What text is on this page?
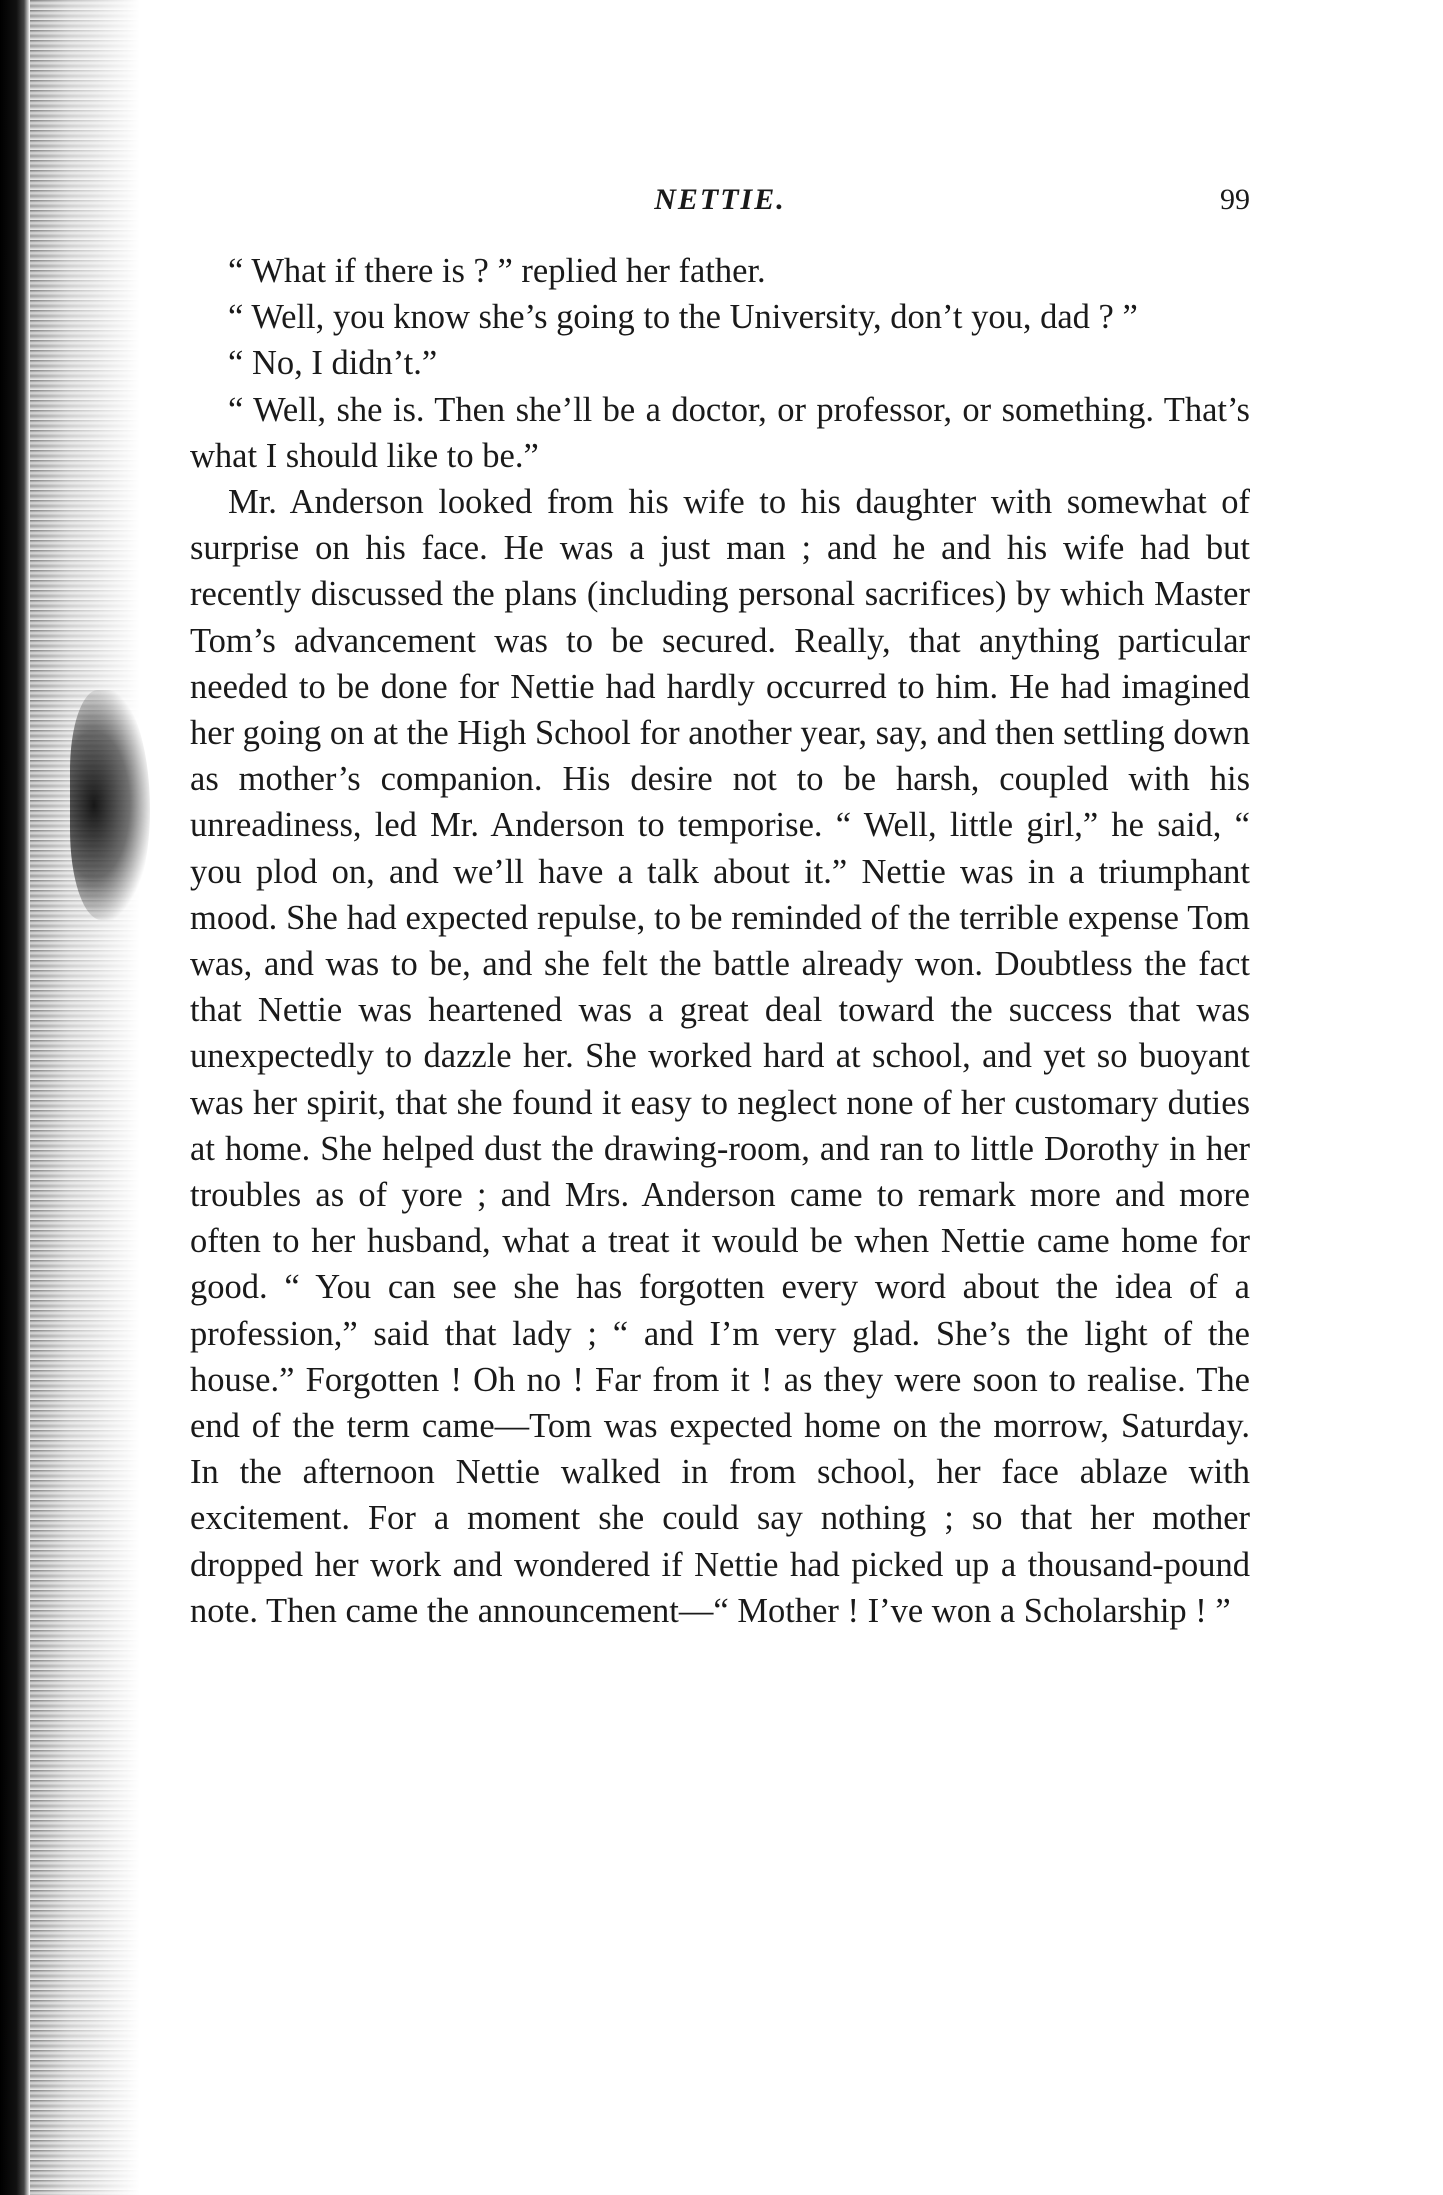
NETTIE.	99

“ What if there is ? ” replied her father.

“ Well, you know she’s going to the University, don’t you, dad ? ”

“ No, I didn’t.”

“ Well, she is. Then she’ll be a doctor, or professor, or something. That’s what I should like to be.”

Mr. Anderson looked from his wife to his daughter with somewhat of surprise on his face. He was a just man ; and he and his wife had but recently discussed the plans (including personal sacrifices) by which Master Tom’s advancement was to be secured. Really, that anything particular needed to be done for Nettie had hardly occurred to him. He had imagined her going on at the High School for another year, say, and then settling down as mother’s companion. His desire not to be harsh, coupled with his unreadiness, led Mr. Anderson to temporise. “ Well, little girl,” he said, “ you plod on, and we’ll have a talk about it.” Nettie was in a triumphant mood. She had expected repulse, to be reminded of the terrible expense Tom was, and was to be, and she felt the battle already won. Doubtless the fact that Nettie was heartened was a great deal toward the success that was unexpectedly to dazzle her. She worked hard at school, and yet so buoyant was her spirit, that she found it easy to neglect none of her customary duties at home. She helped dust the drawing-room, and ran to little Dorothy in her troubles as of yore ; and Mrs. Anderson came to remark more and more often to her husband, what a treat it would be when Nettie came home for good. “ You can see she has forgotten every word about the idea of a profession,” said that lady ; “ and I’m very glad. She’s the light of the house.” Forgotten ! Oh no ! Far from it ! as they were soon to realise. The end of the term came—Tom was expected home on the morrow, Saturday. In the afternoon Nettie walked in from school, her face ablaze with excitement. For a moment she could say nothing ; so that her mother dropped her work and wondered if Nettie had picked up a thousand-pound note. Then came the announcement—“ Mother ! I’ve won a Scholarship ! ”
